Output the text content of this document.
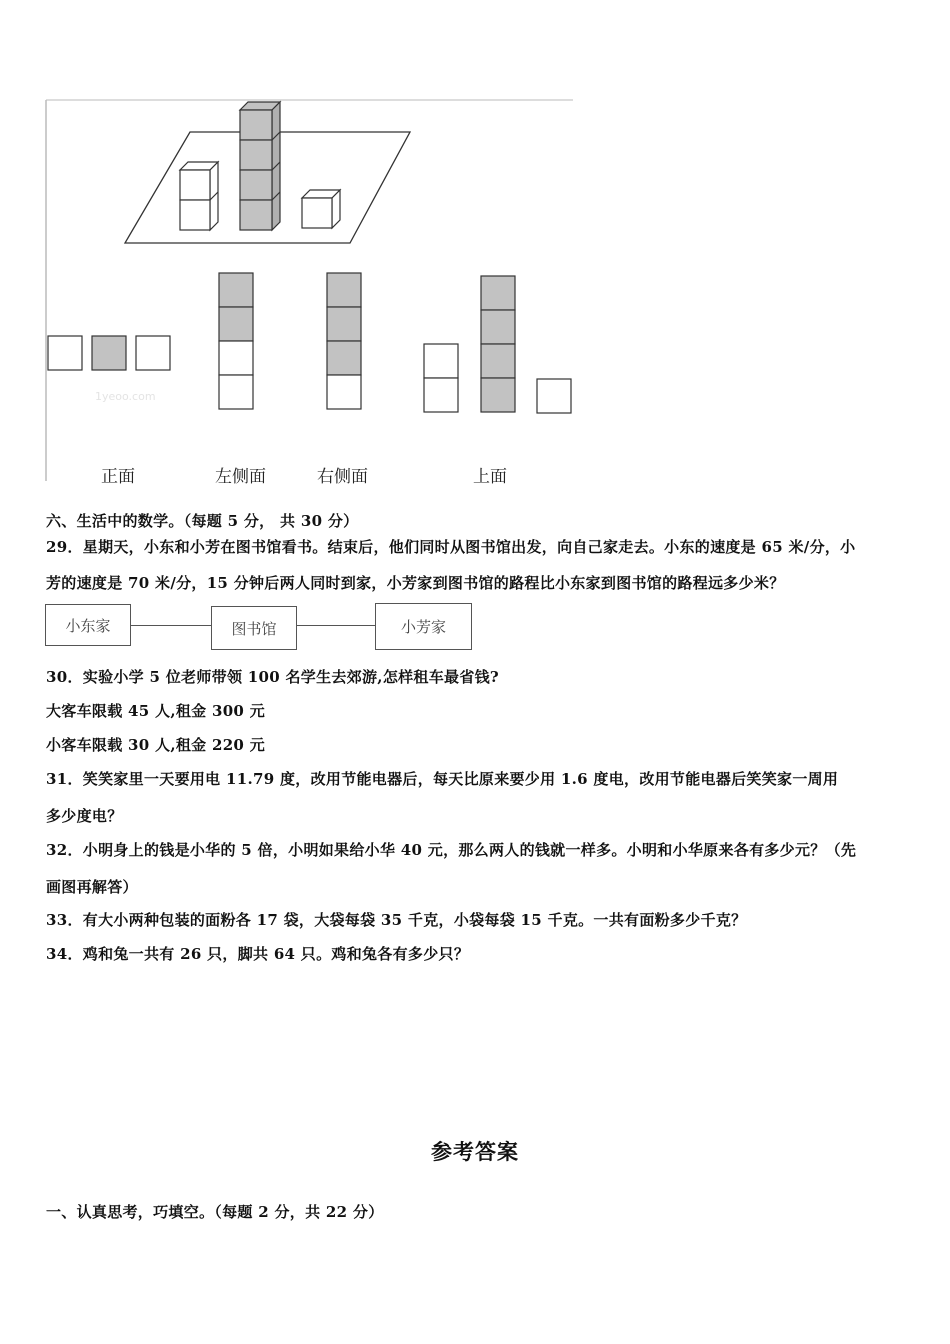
1yeoo.com
正面	左侧面	右侧面	上面
六、生活中的数学。（每题 5 分， 共 30 分）
29．星期天，小东和小芳在图书馆看书。结束后，他们同时从图书馆出发，向自己家走去。小东的速度是 65 米/分，小
芳的速度是 70 米/分，15 分钟后两人同时到家，小芳家到图书馆的路程比小东家到图书馆的路程远多少米？
小东家	图书馆	小芳家
30．实验小学 5 位老师带领 100 名学生去郊游,怎样租车最省钱?
大客车限载 45 人,租金 300 元
小客车限载 30 人,租金 220 元
31．笑笑家里一天要用电 11.79 度，改用节能电器后，每天比原来要少用 1.6 度电，改用节能电器后笑笑家一周用
多少度电？
32．小明身上的钱是小华的 5 倍，小明如果给小华 40 元，那么两人的钱就一样多。小明和小华原来各有多少元？（先
画图再解答）
33．有大小两种包装的面粉各 17 袋，大袋每袋 35 千克，小袋每袋 15 千克。一共有面粉多少千克？
34．鸡和兔一共有 26 只，脚共 64 只。鸡和兔各有多少只？
参考答案
一、认真思考，巧填空。（每题 2 分，共 22 分）
